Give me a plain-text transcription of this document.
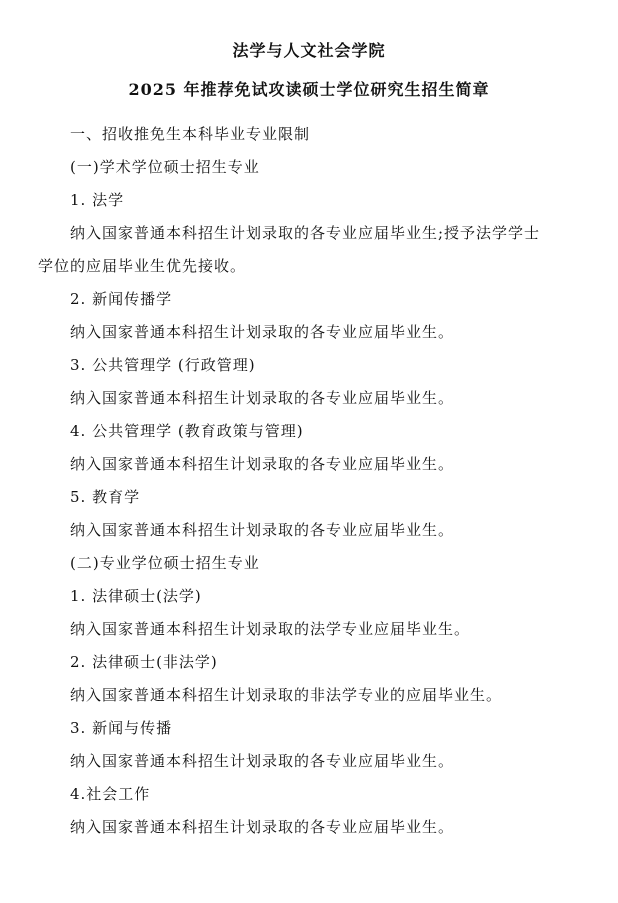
法学与人文社会学院
2025 年推荐免试攻读硕士学位研究生招生简章
一、招收推免生本科毕业专业限制
(一)学术学位硕士招生专业
1. 法学
纳入国家普通本科招生计划录取的各专业应届毕业生;授予法学学士
学位的应届毕业生优先接收。
2. 新闻传播学
纳入国家普通本科招生计划录取的各专业应届毕业生。
3. 公共管理学 (行政管理)
纳入国家普通本科招生计划录取的各专业应届毕业生。
4. 公共管理学 (教育政策与管理)
纳入国家普通本科招生计划录取的各专业应届毕业生。
5. 教育学
纳入国家普通本科招生计划录取的各专业应届毕业生。
(二)专业学位硕士招生专业
1. 法律硕士(法学)
纳入国家普通本科招生计划录取的法学专业应届毕业生。
2. 法律硕士(非法学)
纳入国家普通本科招生计划录取的非法学专业的应届毕业生。
3. 新闻与传播
纳入国家普通本科招生计划录取的各专业应届毕业生。
4.社会工作
纳入国家普通本科招生计划录取的各专业应届毕业生。
